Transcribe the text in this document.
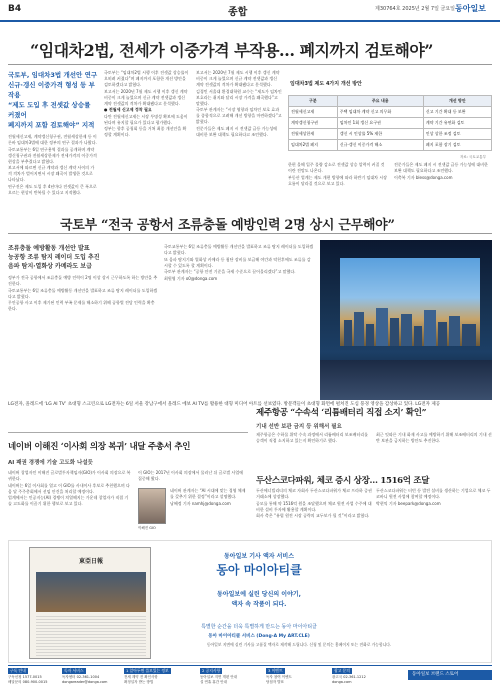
B4	종합	제30764호 2025년 2월 7일 금요일 동아일보
“임대차2법, 전세가 이중가격 부작용… 폐지까지 검토해야”
국토부, 임대차3법 개선안 연구
신규·갱신 이중가격 형성 등 부작용
“제도 도입 후 전셋값 상승률 커졌어
폐지까지 포함 검토해야” 지적

전월세신고제, 계약갱신청구권, 전월세상한제 등 이른바 임대차3법에 대한 정부의 연구 결과가 나왔다.

국토교통부는 6일 연구용역 결과를 공개하며 계약갱신청구권과 전월세상한제가 전세가격의 이중가격 현상을 부추겼다고 밝혔다.

보고서에 따르면 신규 계약과 갱신 계약 사이의 가격 격차가 벌어지면서 시장 왜곡이 발생한 것으로 나타났다.

연구진은 제도 도입 후 4년마다 전셋값이 큰 폭으로 오르는 현상이 반복될 수 있다고 지적했다.

국토부는 “임대차2법 시행 이후 전셋값 상승률이 오히려 커졌다”며 폐지까지 포함한 개선 방안을 검토하겠다고 밝혔다.

보고서는 2020년 7월 제도 시행 이후 갱신 계약 비중이 크게 늘었으며 신규 계약 전셋값과 갱신 계약 전셋값의 격차가 확대됐다고 분석했다.

● 전월세 신고제 정착 필요

다만 전월세신고제는 시장 투명성 확보에 도움이 된다며 유지할 필요가 있다고 평가했다.

정부는 향후 공청회 등을 거쳐 최종 개선안을 확정할 계획이다.

보고서는 2020년 7월 제도 시행 이후 갱신 계약 비중이 크게 늘었으며 신규 계약 전셋값과 갱신 계약 전셋값의 격차가 확대됐다고 분석했다.

김경민 서울대 환경대학원 교수는 “제도가 임차인 보호라는 취지와 달리 시장 가격을 왜곡했다”고 말했다.

국토부 관계자는 “시장 영향과 임차인 보호 효과를 종합적으로 고려해 개선 방향을 마련하겠다”고 밝혔다.

전문가들은 제도 폐지 시 전셋값 급등 가능성에 대비한 보완 대책도 필요하다고 조언했다.

임대차3법 제도 4가지 개선 방안
구분	주요 내용	개선 방안
전월세신고제	주택 임대차 계약 신고 의무화	신고 기간 확대 등 보완
계약갱신청구권	임차인 1회 갱신 요구권	계약 기간 유연화 검토
전월세상한제	갱신 시 인상률 5% 제한	인상 상한 조정 검토
임대차2법 폐지	신규·갱신 이중가격 해소	폐지 포함 장기 검토
자료: 국토교통부

한편 올해 입주 물량 감소로 전셋값 상승 압력이 커질 것이란 전망도 나온다.

부동산 업계는 제도 개편 방향에 따라 하반기 임대차 시장 흐름이 달라질 것으로 보고 있다.

전문가들은 제도 폐지 시 전셋값 급등 가능성에 대비한 보완 대책도 필요하다고 조언했다.

이축복 기자 bless@donga.com

국토부 “전국 공항서 조류충돌 예방인력 2명 상시 근무해야”
조류충돌 예방활동 개선안 발표
능공항 조류 탐지 레이더 도입 추진
음파 탐지·열화상 카메라도 보급

정부가 전국 공항에서 조류충돌 예방 인력이 2명 이상 상시 근무하도록 하는 방안을 추진한다.

국토교통부는 6일 조류충돌 예방활동 개선안을 발표하고 조류 탐지 레이더를 도입하겠다고 밝혔다.

무안공항 사고 이후 제기된 인력 부족 문제를 해소하기 위해 공항별 전담 인력을 확충한다.

국토교통부는 6일 조류충돌 예방활동 개선안을 발표하고 조류 탐지 레이더를 도입하겠다고 밝혔다.

또 음파 탐지기와 열화상 카메라 등 첨단 장비를 보급해 야간과 악천후에도 조류를 감시할 수 있도록 할 계획이다.

국토부 관계자는 “공항 안전 기준을 국제 수준으로 끌어올리겠다”고 말했다.

최원영 기자 o0@donga.com

LG전자, 올레드에 ‘LG AI TV’ 초대형 스크린으로 LG전자는 6일 서울 강남구에서 올레드 에보 AI TV를 활용한 대형 미디어 아트를 선보였다. 방문객들이 초대형 화면에 펼쳐진 도심 풍경 영상을 감상하고 있다. LG전자 제공
네이버 이해진 ‘이사회 의장 복귀’ 내달 주총서 추인
AI 패권 경쟁에 기술 고도화 나설듯

네이버 창업자인 이해진 글로벌투자책임자(GIO)가 이사회 의장으로 복귀한다.

네이버는 6일 이사회를 열고 이 GIO를 사내이사 후보로 추천했으며 다음 달 주주총회에서 선임 안건을 처리할 예정이다.

업계에서는 인공지능(AI) 경쟁이 치열해지는 가운데 창업자가 직접 기술 고도화를 이끌기 위한 행보로 보고 있다.

이 GIO는 2017년 이사회 의장에서 물러난 뒤 글로벌 사업에 집중해 왔다.

이해진 GIO

네이버 관계자는 “AI 시대에 맞는 경영 체제를 갖추기 위한 결정”이라고 설명했다.

남혜정 기자 namhj@donga.com

제주항공 “수속석 ‘리튬배터리 직접 소지’ 확인”
기내 선반 보관 금지 등 위해서 필요

제주항공은 수하물 위탁 수속 과정에서 리튬배터리 보조배터리를 승객이 직접 소지하고 있는지 확인하기로 했다.

최근 잇따른 기내 화재 사고를 예방하기 위해 보조배터리의 기내 선반 보관을 금지하는 방안도 추진한다.

두산스코다파워, 체코 증시 상장… 1516억 조달

두산에너빌리티의 체코 자회사 두산스코다파워가 체코 프라하 증권거래소에 상장했다.

공모를 통해 약 1516억 원을 조달했으며 체코 원전 사업 수주에 대비한 설비 투자에 활용할 계획이다.

회사 측은 “유럽 원전 시장 공략의 교두보가 될 것”이라고 밝혔다.

두산스코다파워는 터빈 등 발전 설비를 생산하는 기업으로 체코 두코바니 원전 사업에 참여할 예정이다.

박현익 기자 beepark@donga.com

東亞日報
동아일보 기사 액자 서비스
동아 마이아티클
동아일보에 실린 당신의 이야기,
액자 속 작품이 되다.
특별한 순간을 더욱 특별하게 만드는 동아 마이아티클
동아 마이아티클 서비스 (Dong-A My ART.CLE)
동아일보 지면에 실린 기사를 고품질 액자로 제작해 드립니다. 신청 및 문의는 홈페이지 또는 전화로 가능합니다.
구독 안내
구독신청 1577-0015
배달문의 080-900-0015
독자 서비스
독자센터 02-361-1004
dongareader@donga.com
1 알아두면 쓸모있는 정보
전세 계약 전 확인사항
확정일자 받는 방법
2 공지사항
동아일보 지면 개편 안내
설 연휴 휴간 안내
3 이벤트
독자 참여 이벤트
당첨자 발표
광고 문의
광고국 02-361-1212
donga.com
동아일보 브랜드 스토어
